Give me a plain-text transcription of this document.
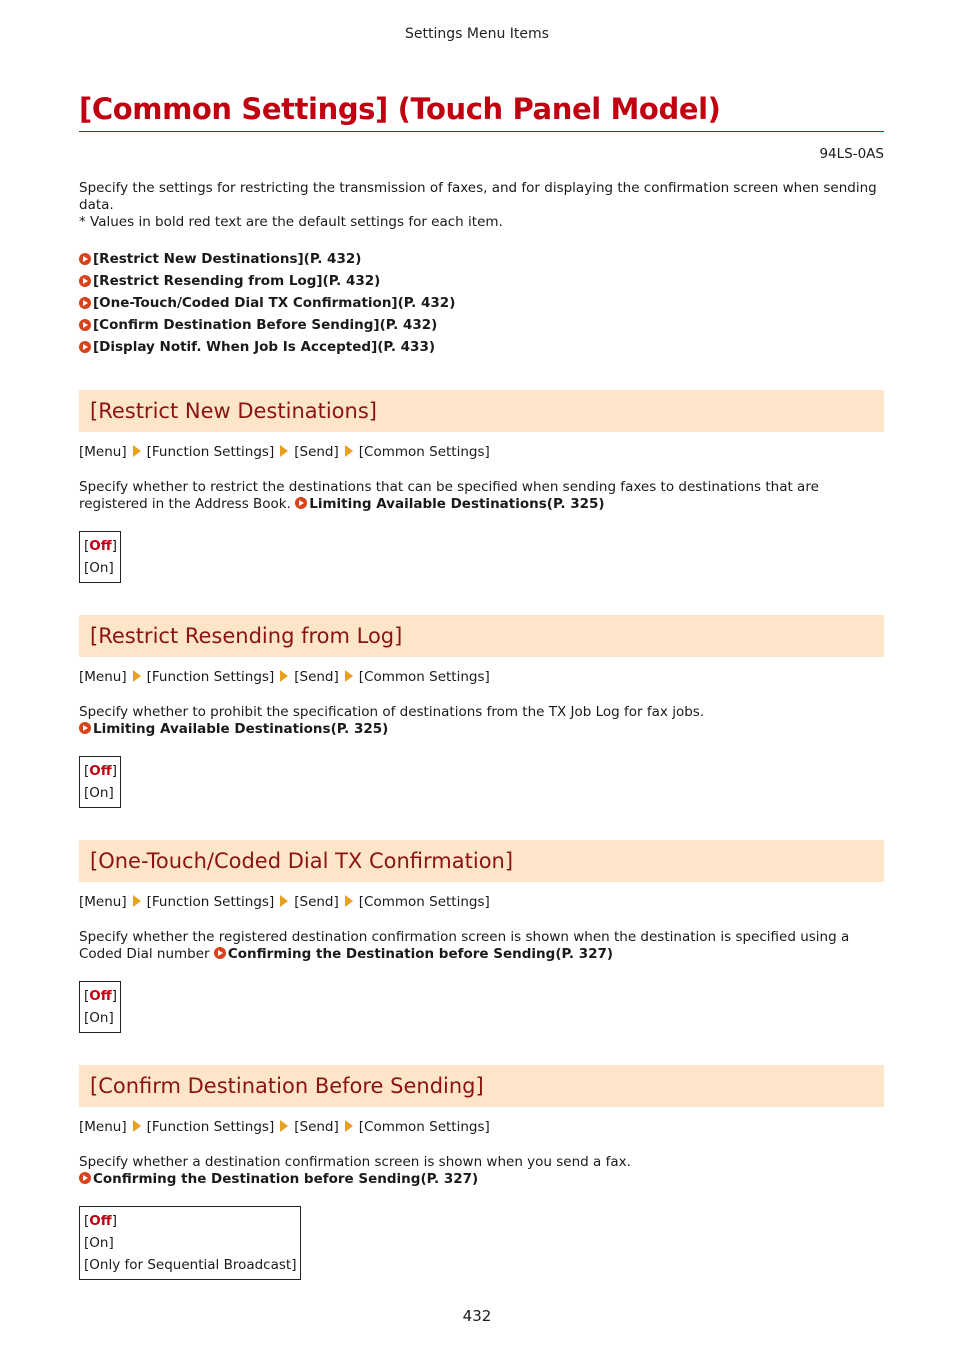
Settings Menu Items
[Common Settings] (Touch Panel Model)
94LS-0AS

Specify the settings for restricting the transmission of faxes, and for displaying the confirmation screen when sending data.

* Values in bold red text are the default settings for each item.

[Restrict New Destinations](P. 432)
[Restrict Resending from Log](P. 432)
[One-Touch/Coded Dial TX Confirmation](P. 432)
[Confirm Destination Before Sending](P. 432)
[Display Notif. When Job Is Accepted](P. 433)
[Restrict New Destinations]
[Menu] [Function Settings] [Send] [Common Settings]

Specify whether to restrict the destinations that can be specified when sending faxes to destinations that are registered in the Address Book. Limiting Available Destinations(P. 325)

[Off]
[On]
[Restrict Resending from Log]
[Menu] [Function Settings] [Send] [Common Settings]

Specify whether to prohibit the specification of destinations from the TX Job Log for fax jobs. Limiting Available Destinations(P. 325)

[Off]
[On]
[One-Touch/Coded Dial TX Confirmation]
[Menu] [Function Settings] [Send] [Common Settings]

Specify whether the registered destination confirmation screen is shown when the destination is specified using a Coded Dial number Confirming the Destination before Sending(P. 327)

[Off]
[On]
[Confirm Destination Before Sending]
[Menu] [Function Settings] [Send] [Common Settings]

Specify whether a destination confirmation screen is shown when you send a fax. Confirming the Destination before Sending(P. 327)

[Off]
[On]
[Only for Sequential Broadcast]
432
